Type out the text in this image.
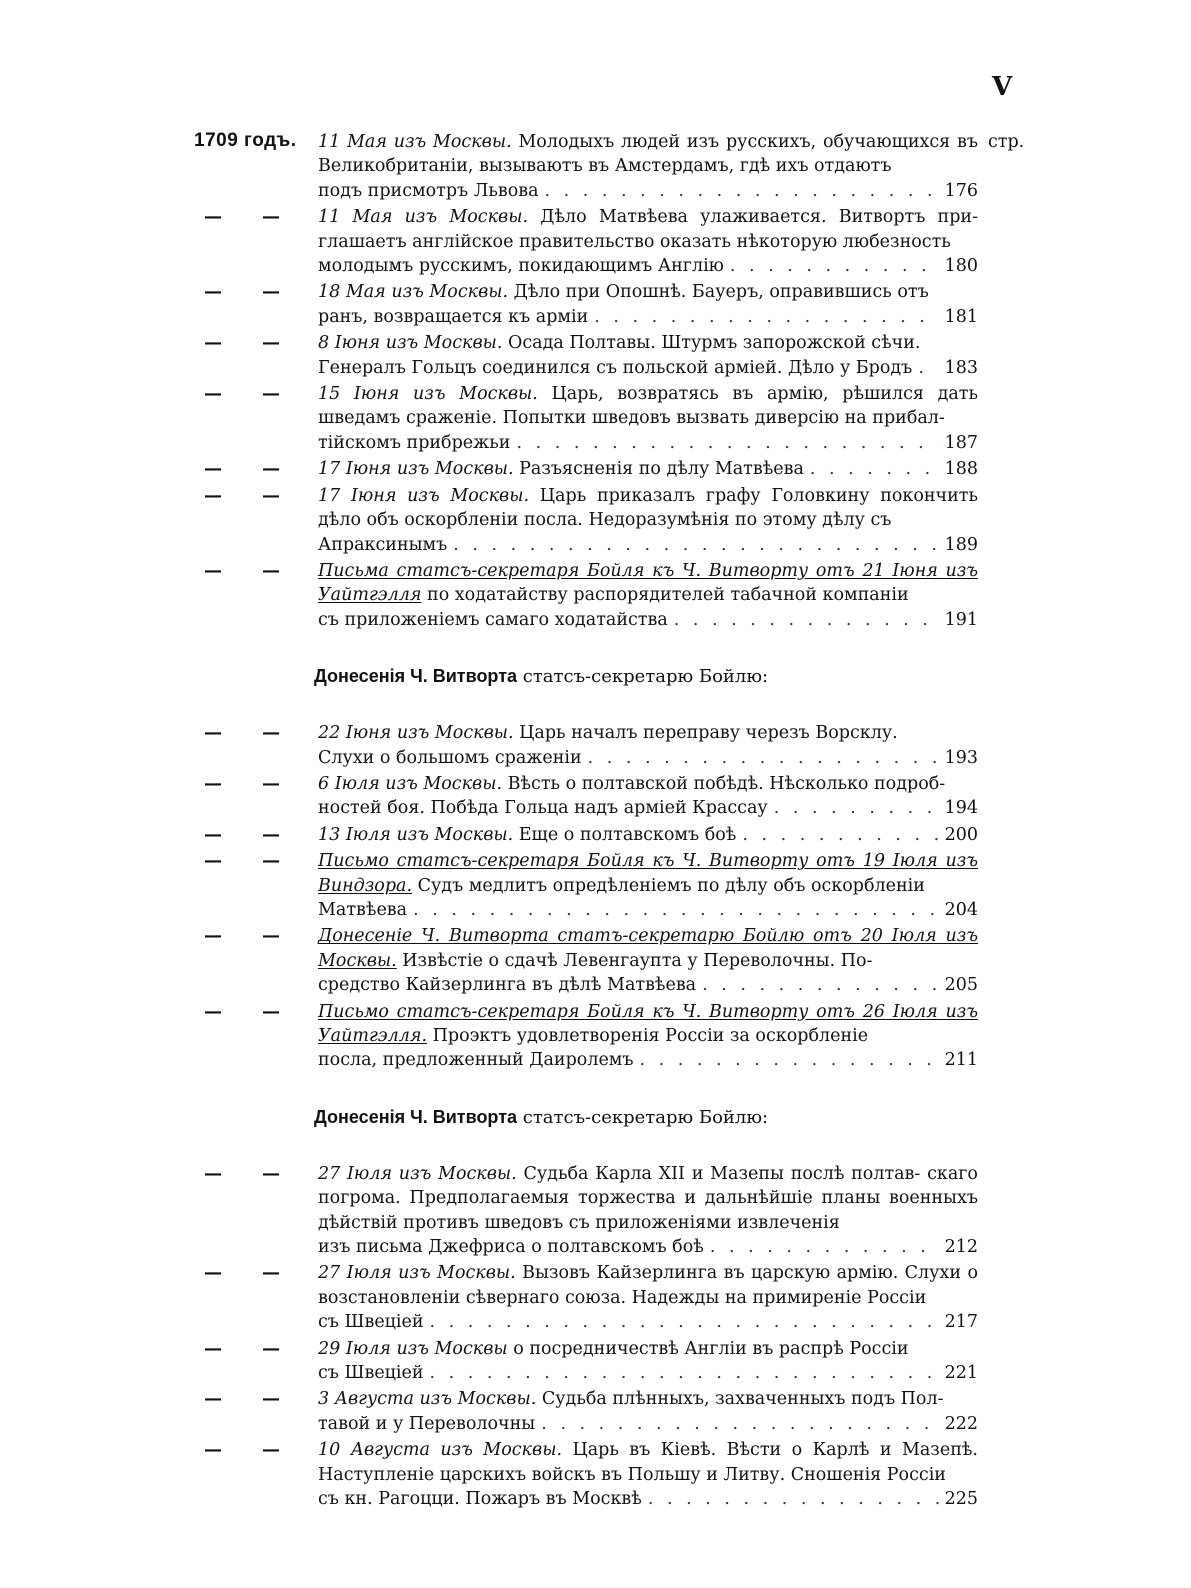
V
1709 годъ.	стр.
11 Мая изъ Москвы. Молодыхъ людей изъ русскихъ, обучающихся въ Великобританіи, вызываютъ въ Амстердамъ, гдѣ ихъ отдаютъ
подъ присмотръ Львова . . .	176
— — 11 Мая изъ Москвы. Дѣло Матвѣева улаживается. Витвортъ при- глашаетъ англійское правительство оказать нѣкоторую любезность
молодымъ русскимъ, покидающимъ Англію . . .	180
— — 18 Мая изъ Москвы. Дѣло при Опошнѣ. Бауеръ, оправившись отъ
ранъ, возвращается къ арміи . . .	181
— — 8 Іюня изъ Москвы. Осада Полтавы. Штурмъ запорожской сѣчи.
Генералъ Гольцъ соединился съ польской арміей. Дѣло у Бродъ . . . 183
— — 15 Іюня изъ Москвы. Царь, возвратясь въ армію, рѣшился дать шведамъ сраженіе. Попытки шведовъ вызвать диверсію на прибал-
тійскомъ прибрежьи . . .	187
— — 17 Іюня изъ Москвы.
Разъясненія по дѣлу Матвѣева . . .	188
— — 17 Іюня изъ Москвы. Царь приказалъ графу Головкину покончить дѣло объ оскорбленіи посла. Недоразумѣнія по этому дѣлу съ
Апраксинымъ . . .	189
— — Письма статсъ-секретаря Бойля къ Ч. Витворту отъ 21 Іюня изъ Уайтгэлля по ходатайству распорядителей табачной компаніи
съ приложеніемъ самаго ходатайства . . .	191
Донесенія Ч. Витворта статсъ-секретарю Бойлю:
— — 22 Іюня изъ Москвы. Царь началъ переправу черезъ Ворсклу.
Слухи о большомъ сраженіи . . .	193
— — 6 Іюля изъ Москвы. Вѣсть о полтавской побѣдѣ. Нѣсколько подроб-
ностей боя. Побѣда Гольца надъ арміей Крассау . . .	194
— — 13 Іюля изъ Москвы.
Еще о полтавскомъ боѣ . . .	200
— — Письмо статсъ-секретаря Бойля къ Ч. Витворту отъ 19 Іюля изъ Виндзора. Судъ медлитъ опредѣленіемъ по дѣлу объ оскорбленіи
Матвѣева . . .	204
— — Донесеніе Ч. Витворта статъ-секретарю Бойлю отъ 20 Іюля изъ Москвы. Извѣстіе о сдачѣ Левенгаупта у Переволочны. По-
средство Кайзерлинга въ дѣлѣ Матвѣева . . .	205
— — Письмо статсъ-секретаря Бойля къ Ч. Витворту отъ 26 Іюля изъ Уайтгэлля. Проэктъ удовлетворенія Россіи за оскорбленіе
посла, предложенный Даиролемъ . . .	211
Донесенія Ч. Витворта статсъ-секретарю Бойлю:
— — 27 Іюля изъ Москвы. Судьба Карла XII и Мазепы послѣ полтав- скаго погрома. Предполагаемыя торжества и дальнѣйшіе планы военныхъ дѣйствій противъ шведовъ съ приложеніями извлеченія
изъ письма Джефриса о полтавскомъ боѣ . . .	212
— — 27 Іюля изъ Москвы. Вызовъ Кайзерлинга въ царскую армію. Слухи о возстановленіи сѣвернаго союза. Надежды на примиреніе Россіи
съ Швеціей . . .	217
— — 29 Іюля изъ Москвы о посредничествѣ Англіи въ распрѣ Россіи
съ Швеціей . . .	221
— — 3 Августа изъ Москвы. Судьба плѣнныхъ, захваченныхъ подъ Пол-
тавой и у Переволочны . . .	222
— — 10 Августа изъ Москвы. Царь въ Кіевѣ. Вѣсти о Карлѣ и Мазепѣ. Наступленіе царскихъ войскъ въ Польшу и Литву. Сношенія Россіи
съ кн. Рагоцци. Пожаръ въ Москвѣ . . .	225
